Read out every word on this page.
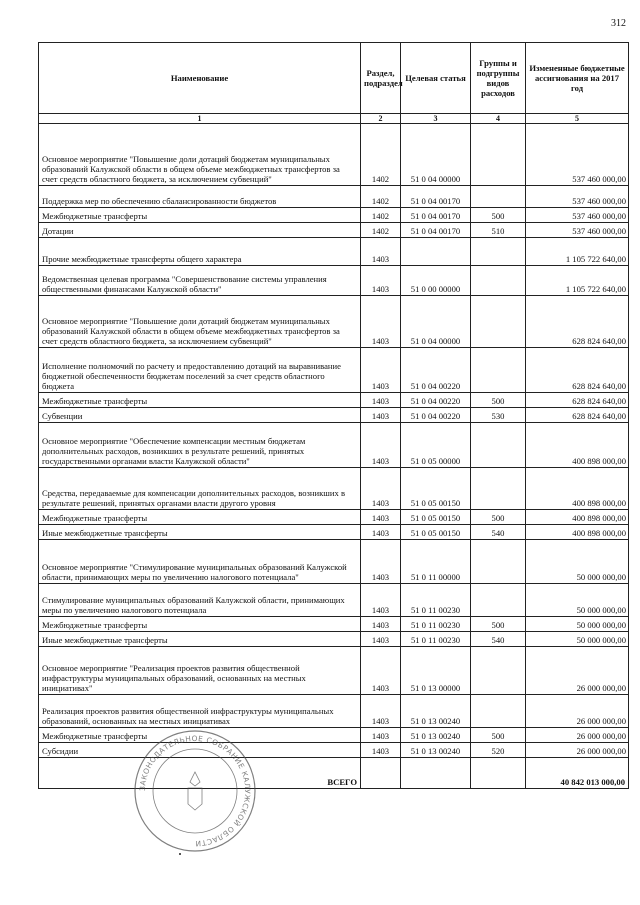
312
Наименование	Раздел, подраздел	Целевая статья	Группы и подгруппы видов расходов	Измененные бюджетные ассигнования на 2017 год
1	2	3	4	5
Основное мероприятие "Повышение доли дотаций бюджетам муниципальных образований Калужской области в общем объеме межбюджетных трансфертов за счет средств областного бюджета, за исключением субвенций"	1402	51 0 04 00000		537 460 000,00
Поддержка мер по обеспечению сбалансированности бюджетов	1402	51 0 04 00170		537 460 000,00
Межбюджетные трансферты	1402	51 0 04 00170	500	537 460 000,00
Дотации	1402	51 0 04 00170	510	537 460 000,00
Прочие межбюджетные трансферты общего характера	1403			1 105 722 640,00
Ведомственная целевая программа "Совершенствование системы управления общественными финансами Калужской области"	1403	51 0 00 00000		1 105 722 640,00
Основное мероприятие "Повышение доли дотаций бюджетам муниципальных образований Калужской области в общем объеме межбюджетных трансфертов за счет средств областного бюджета, за исключением субвенций"	1403	51 0 04 00000		628 824 640,00
Исполнение полномочий по расчету и предоставлению дотаций на выравнивание бюджетной обеспеченности бюджетам поселений за счет средств областного бюджета	1403	51 0 04 00220		628 824 640,00
Межбюджетные трансферты	1403	51 0 04 00220	500	628 824 640,00
Субвенции	1403	51 0 04 00220	530	628 824 640,00
Основное мероприятие "Обеспечение компенсации местным бюджетам дополнительных расходов, возникших в результате решений, принятых государственными органами власти Калужской области"	1403	51 0 05 00000		400 898 000,00
Средства, передаваемые для компенсации дополнительных расходов, возникших в результате решений, принятых органами власти другого уровня	1403	51 0 05 00150		400 898 000,00
Межбюджетные трансферты	1403	51 0 05 00150	500	400 898 000,00
Иные межбюджетные трансферты	1403	51 0 05 00150	540	400 898 000,00
Основное мероприятие "Стимулирование муниципальных образований Калужской области, принимающих меры по увеличению налогового потенциала"	1403	51 0 11 00000		50 000 000,00
Стимулирование муниципальных образований Калужской области, принимающих меры по увеличению налогового потенциала	1403	51 0 11 00230		50 000 000,00
Межбюджетные трансферты	1403	51 0 11 00230	500	50 000 000,00
Иные межбюджетные трансферты	1403	51 0 11 00230	540	50 000 000,00
Основное мероприятие "Реализация проектов развития общественной инфраструктуры муниципальных образований, основанных на местных инициативах"	1403	51 0 13 00000		26 000 000,00
Реализация проектов развития общественной инфраструктуры муниципальных образований, основанных на местных инициативах	1403	51 0 13 00240		26 000 000,00
Межбюджетные трансферты	1403	51 0 13 00240	500	26 000 000,00
Субсидии	1403	51 0 13 00240	520	26 000 000,00
ВСЕГО				40 842 013 000,00
ЗАКОНОДАТЕЛЬНОЕ СОБРАНИЕ КАЛУЖСКОЙ ОБЛАСТИ
